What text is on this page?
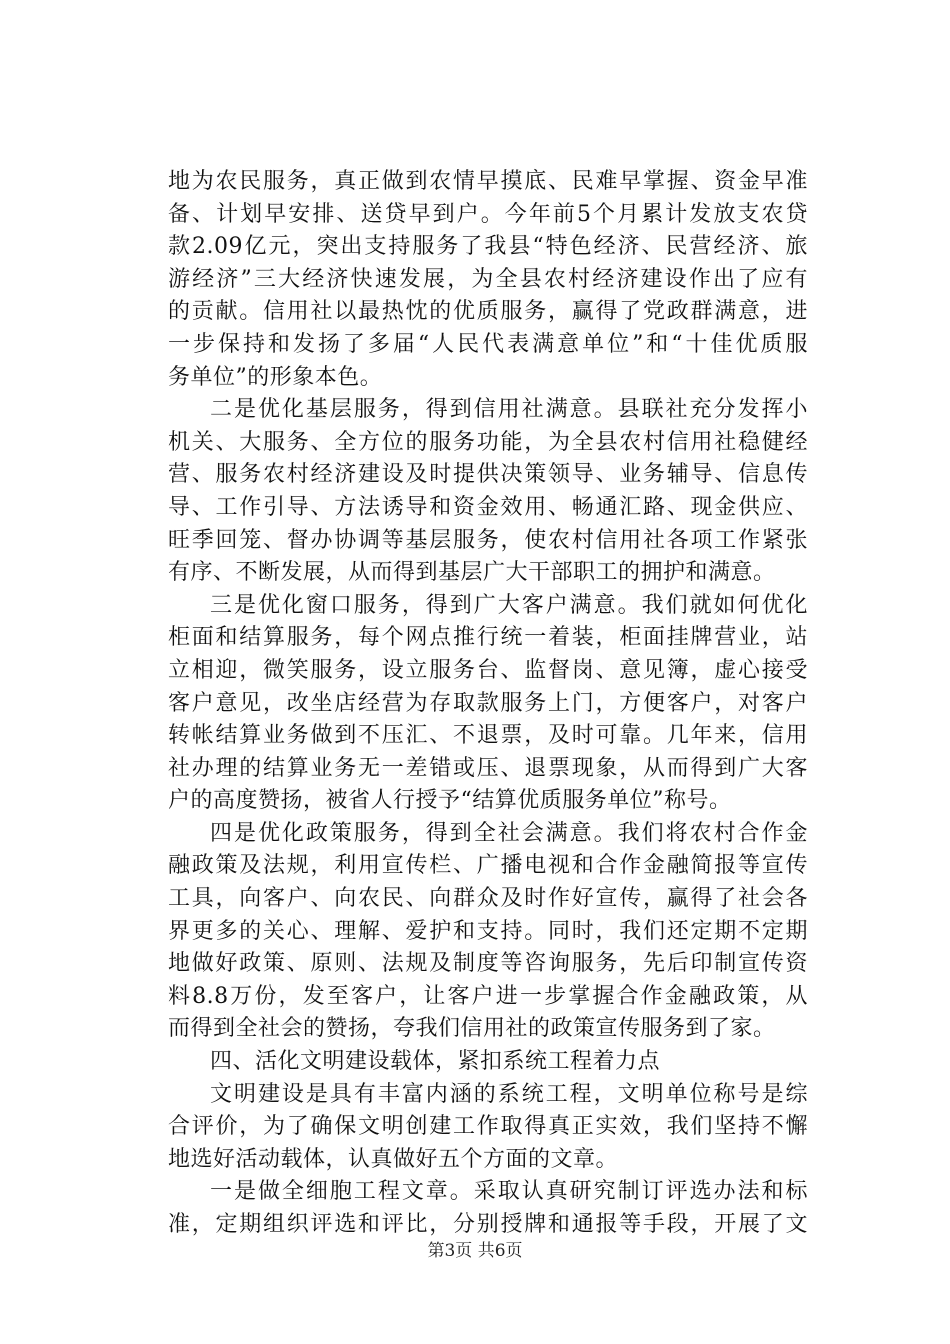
地为农民服务，真正做到农情早摸底、民难早掌握、资金早准
备、计划早安排、送贷早到户。今年前5个月累计发放支农贷
款2.09亿元，突出支持服务了我县“特色经济、民营经济、旅
游经济”三大经济快速发展，为全县农村经济建设作出了应有
的贡献。信用社以最热忱的优质服务，赢得了党政群满意，进
一步保持和发扬了多届“人民代表满意单位”和“十佳优质服
务单位”的形象本色。
二是优化基层服务，得到信用社满意。县联社充分发挥小
机关、大服务、全方位的服务功能，为全县农村信用社稳健经
营、服务农村经济建设及时提供决策领导、业务辅导、信息传
导、工作引导、方法诱导和资金效用、畅通汇路、现金供应、
旺季回笼、督办协调等基层服务，使农村信用社各项工作紧张
有序、不断发展，从而得到基层广大干部职工的拥护和满意。
三是优化窗口服务，得到广大客户满意。我们就如何优化
柜面和结算服务，每个网点推行统一着装，柜面挂牌营业，站
立相迎，微笑服务，设立服务台、监督岗、意见簿，虚心接受
客户意见，改坐店经营为存取款服务上门，方便客户，对客户
转帐结算业务做到不压汇、不退票，及时可靠。几年来，信用
社办理的结算业务无一差错或压、退票现象，从而得到广大客
户的高度赞扬，被省人行授予“结算优质服务单位”称号。
四是优化政策服务，得到全社会满意。我们将农村合作金
融政策及法规，利用宣传栏、广播电视和合作金融简报等宣传
工具，向客户、向农民、向群众及时作好宣传，赢得了社会各
界更多的关心、理解、爱护和支持。同时，我们还定期不定期
地做好政策、原则、法规及制度等咨询服务，先后印制宣传资
料8.8万份，发至客户，让客户进一步掌握合作金融政策，从
而得到全社会的赞扬，夸我们信用社的政策宣传服务到了家。
四、活化文明建设载体，紧扣系统工程着力点
文明建设是具有丰富内涵的系统工程，文明单位称号是综
合评价，为了确保文明创建工作取得真正实效，我们坚持不懈
地选好活动载体，认真做好五个方面的文章。
一是做全细胞工程文章。采取认真研究制订评选办法和标
准，定期组织评选和评比，分别授牌和通报等手段，开展了文
第3页 共6页
